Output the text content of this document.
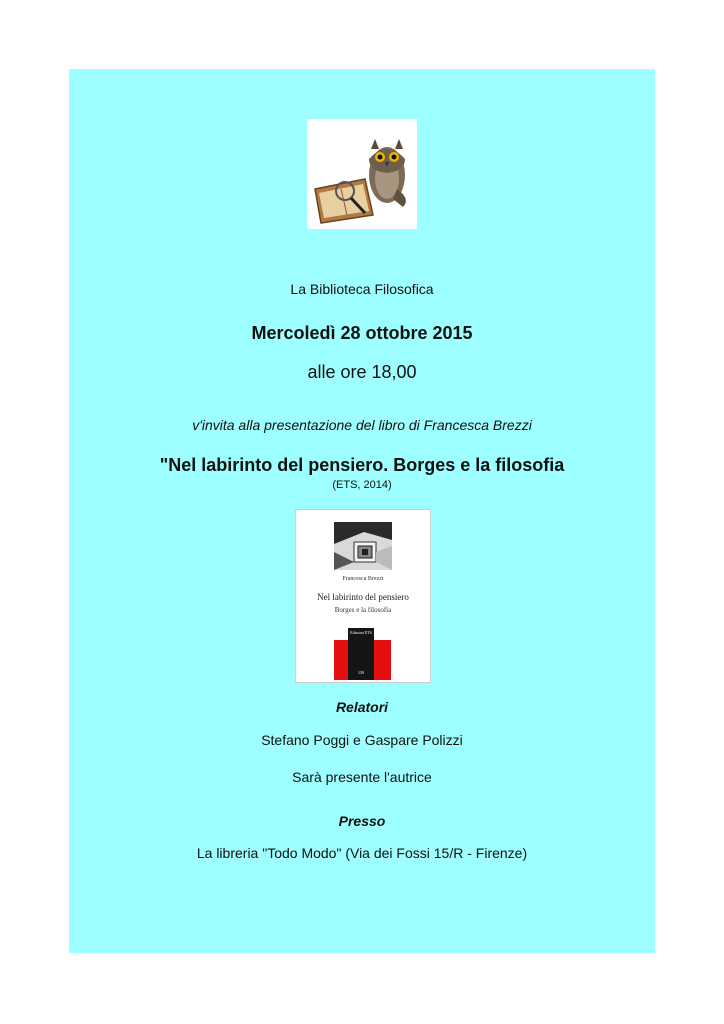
La Biblioteca Filosofica
Mercoledì 28 ottobre 2015
alle ore 18,00
v'invita alla presentazione del libro di Francesca Brezzi
"Nel labirinto del pensiero. Borges e la filosofia
(ETS, 2014)
Francesca Brezzi
Nel labirinto del pensiero
Borges e la filosofia
Edizioni ETS
139
Relatori
Stefano Poggi e Gaspare Polizzi
Sarà presente l'autrice
Presso
La libreria "Todo Modo" (Via dei Fossi 15/R - Firenze)
